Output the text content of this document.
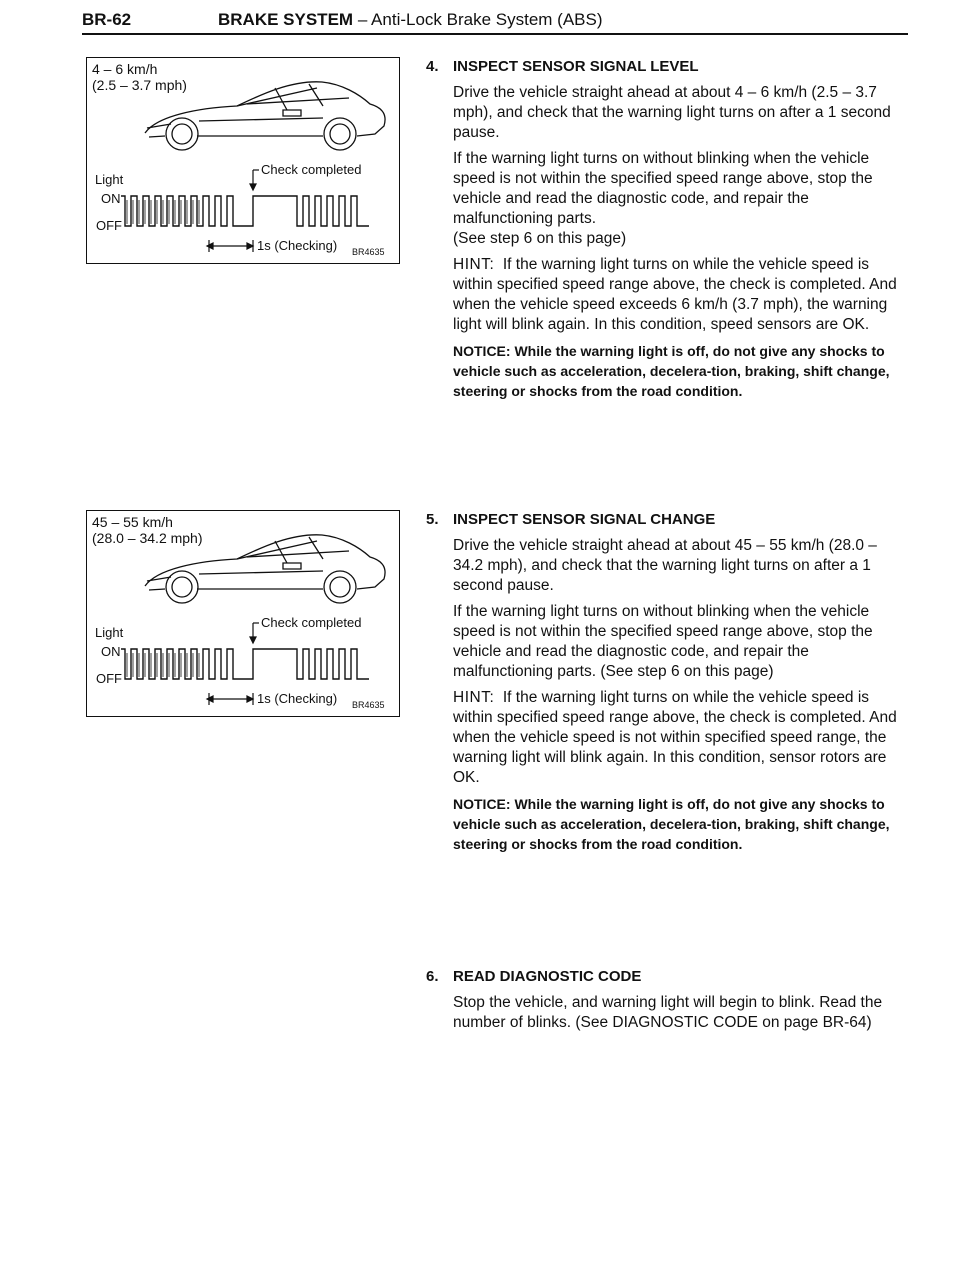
BR-62	BRAKE SYSTEM – Anti-Lock Brake System (ABS)
4 – 6 km/h
(2.5 – 3.7 mph)
Light
ON
OFF
Check completed
1s (Checking) BR4635
4. INSPECT SENSOR SIGNAL LEVEL

Drive the vehicle straight ahead at about 4 – 6 km/h (2.5 – 3.7 mph), and check that the warning light turns on after a 1 second pause.

If the warning light turns on without blinking when the vehicle speed is not within the specified speed range above, stop the vehicle and read the diagnostic code, and repair the malfunctioning parts.
(See step 6 on this page)

HINT: If the warning light turns on while the vehicle speed is within specified speed range above, the check is completed. And when the vehicle speed exceeds 6 km/h (3.7 mph), the warning light will blink again. In this condition, speed sensors are OK.

NOTICE: While the warning light is off, do not give any shocks to vehicle such as acceleration, decelera-tion, braking, shift change, steering or shocks from the road condition.

45 – 55 km/h
(28.0 – 34.2 mph)
Light
ON
OFF
Check completed
1s (Checking) BR4635
5. INSPECT SENSOR SIGNAL CHANGE

Drive the vehicle straight ahead at about 45 – 55 km/h (28.0 – 34.2 mph), and check that the warning light turns on after a 1 second pause.

If the warning light turns on without blinking when the vehicle speed is not within the specified speed range above, stop the vehicle and read the diagnostic code, and repair the malfunctioning parts. (See step 6 on this page)

HINT: If the warning light turns on while the vehicle speed is within specified speed range above, the check is completed. And when the vehicle speed is not within specified speed range, the warning light will blink again. In this condition, sensor rotors are OK.

NOTICE: While the warning light is off, do not give any shocks to vehicle such as acceleration, decelera-tion, braking, shift change, steering or shocks from the road condition.

6. READ DIAGNOSTIC CODE

Stop the vehicle, and warning light will begin to blink. Read the number of blinks. (See DIAGNOSTIC CODE on page BR-64)
